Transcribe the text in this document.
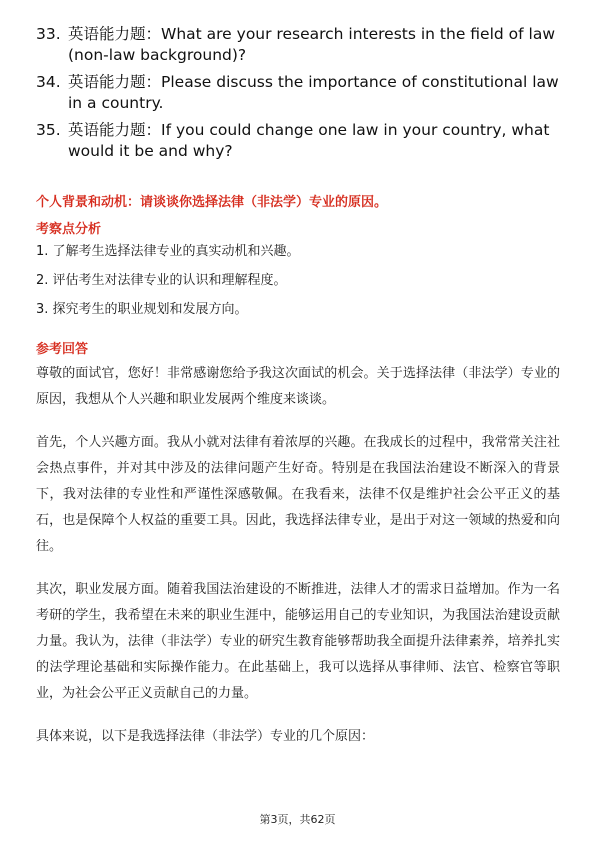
33. 英语能力题：What are your research interests in the field of law (non-law background)?
34. 英语能力题：Please discuss the importance of constitutional law in a country.
35. 英语能力题：If you could change one law in your country, what would it be and why?
个人背景和动机：请谈谈你选择法律（非法学）专业的原因。
考察点分析
1. 了解考生选择法律专业的真实动机和兴趣。
2. 评估考生对法律专业的认识和理解程度。
3. 探究考生的职业规划和发展方向。
参考回答

尊敬的面试官，您好！非常感谢您给予我这次面试的机会。关于选择法律（非法学）专业的原因，我想从个人兴趣和职业发展两个维度来谈谈。

首先，个人兴趣方面。我从小就对法律有着浓厚的兴趣。在我成长的过程中，我常常关注社会热点事件，并对其中涉及的法律问题产生好奇。特别是在我国法治建设不断深入的背景下，我对法律的专业性和严谨性深感敬佩。在我看来，法律不仅是维护社会公平正义的基石，也是保障个人权益的重要工具。因此，我选择法律专业，是出于对这一领域的热爱和向往。

其次，职业发展方面。随着我国法治建设的不断推进，法律人才的需求日益增加。作为一名考研的学生，我希望在未来的职业生涯中，能够运用自己的专业知识，为我国法治建设贡献力量。我认为，法律（非法学）专业的研究生教育能够帮助我全面提升法律素养，培养扎实的法学理论基础和实际操作能力。在此基础上，我可以选择从事律师、法官、检察官等职业，为社会公平正义贡献自己的力量。

具体来说，以下是我选择法律（非法学）专业的几个原因：

第3页，共62页
